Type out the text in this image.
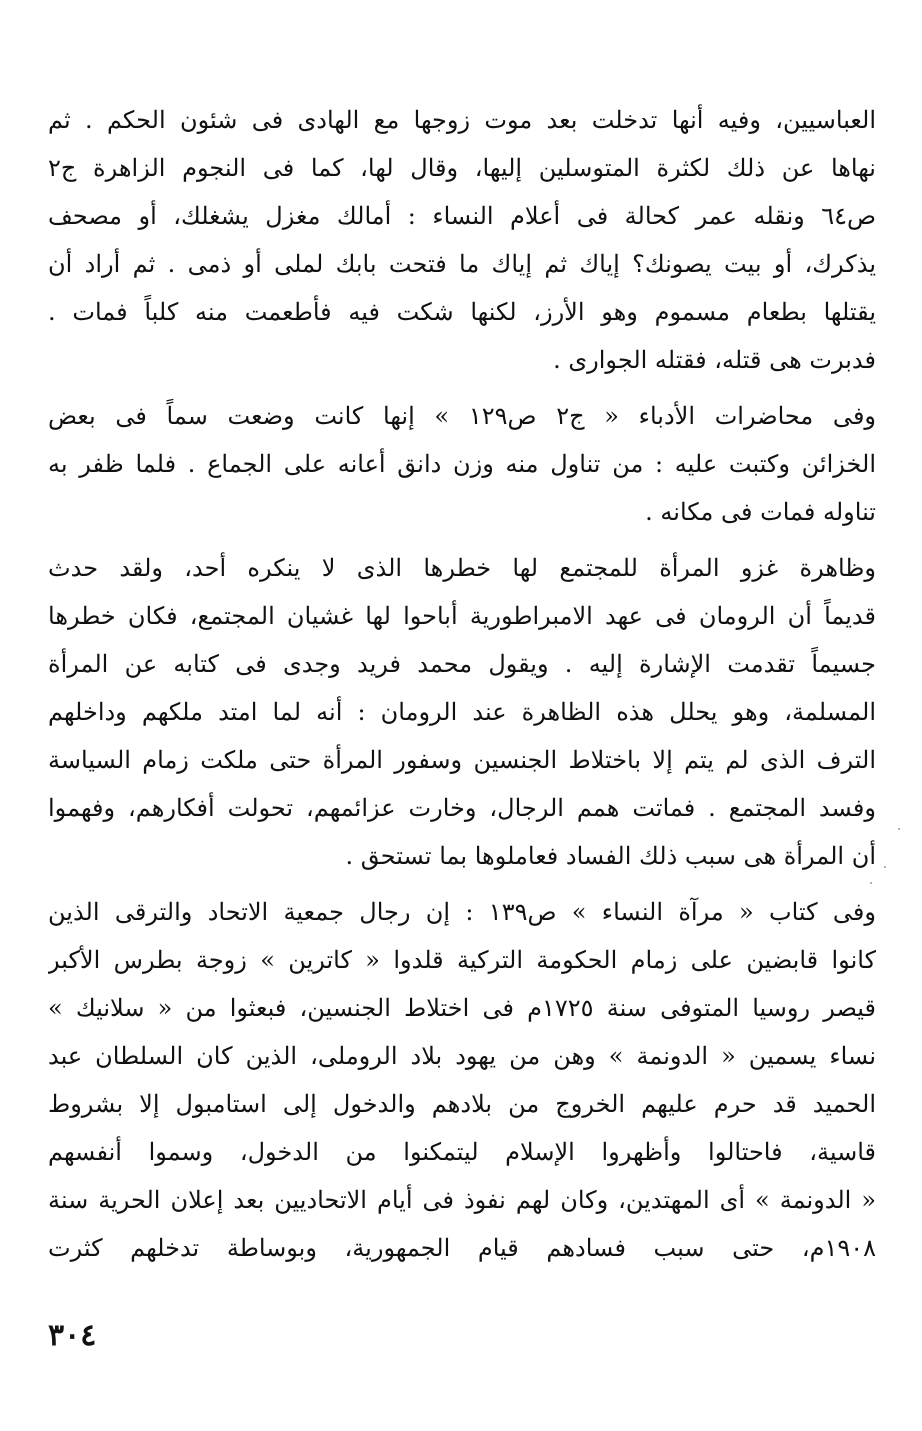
العباسيين، وفيه أنها تدخلت بعد موت زوجها مع الهادى فى شئون الحكم . ثم
نهاها عن ذلك لكثرة المتوسلين إليها، وقال لها، كما فى النجوم الزاهرة ج٢
ص٦٤ ونقله عمر كحالة فى أعلام النساء : أمالك مغزل يشغلك، أو مصحف
يذكرك، أو بيت يصونك؟ إياك ثم إياك ما فتحت بابك لملى أو ذمى . ثم أراد أن
يقتلها بطعام مسموم وهو الأرز، لكنها شكت فيه فأطعمت منه كلباً فمات .
فدبرت هى قتله، فقتله الجوارى .
وفى محاضرات الأدباء « ج٢ ص١٢٩ » إنها كانت وضعت سماً فى بعض
الخزائن وكتبت عليه : من تناول منه وزن دانق أعانه على الجماع . فلما ظفر به
تناوله فمات فى مكانه .
وظاهرة غزو المرأة للمجتمع لها خطرها الذى لا ينكره أحد، ولقد حدث
قديماً أن الرومان فى عهد الامبراطورية أباحوا لها غشيان المجتمع، فكان خطرها
جسيماً تقدمت الإشارة إليه . ويقول محمد فريد وجدى فى كتابه عن المرأة
المسلمة، وهو يحلل هذه الظاهرة عند الرومان : أنه لما امتد ملكهم وداخلهم
الترف الذى لم يتم إلا باختلاط الجنسين وسفور المرأة حتى ملكت زمام السياسة
وفسد المجتمع . فماتت همم الرجال، وخارت عزائمهم، تحولت أفكارهم، وفهموا
أن المرأة هى سبب ذلك الفساد فعاملوها بما تستحق .
وفى كتاب « مرآة النساء » ص١٣٩ : إن رجال جمعية الاتحاد والترقى الذين
كانوا قابضين على زمام الحكومة التركية قلدوا « كاترين » زوجة بطرس الأكبر
قيصر روسيا المتوفى سنة ١٧٢٥م فى اختلاط الجنسين، فبعثوا من « سلانيك »
نساء يسمين « الدونمة » وهن من يهود بلاد الروملى، الذين كان السلطان عبد
الحميد قد حرم عليهم الخروج من بلادهم والدخول إلى استامبول إلا بشروط
قاسية، فاحتالوا وأظهروا الإسلام ليتمكنوا من الدخول، وسموا أنفسهم
« الدونمة » أى المهتدين، وكان لهم نفوذ فى أيام الاتحاديين بعد إعلان الحرية سنة
١٩٠٨م، حتى سبب فسادهم قيام الجمهورية، وبوساطة تدخلهم كثرت
٣٠٤
